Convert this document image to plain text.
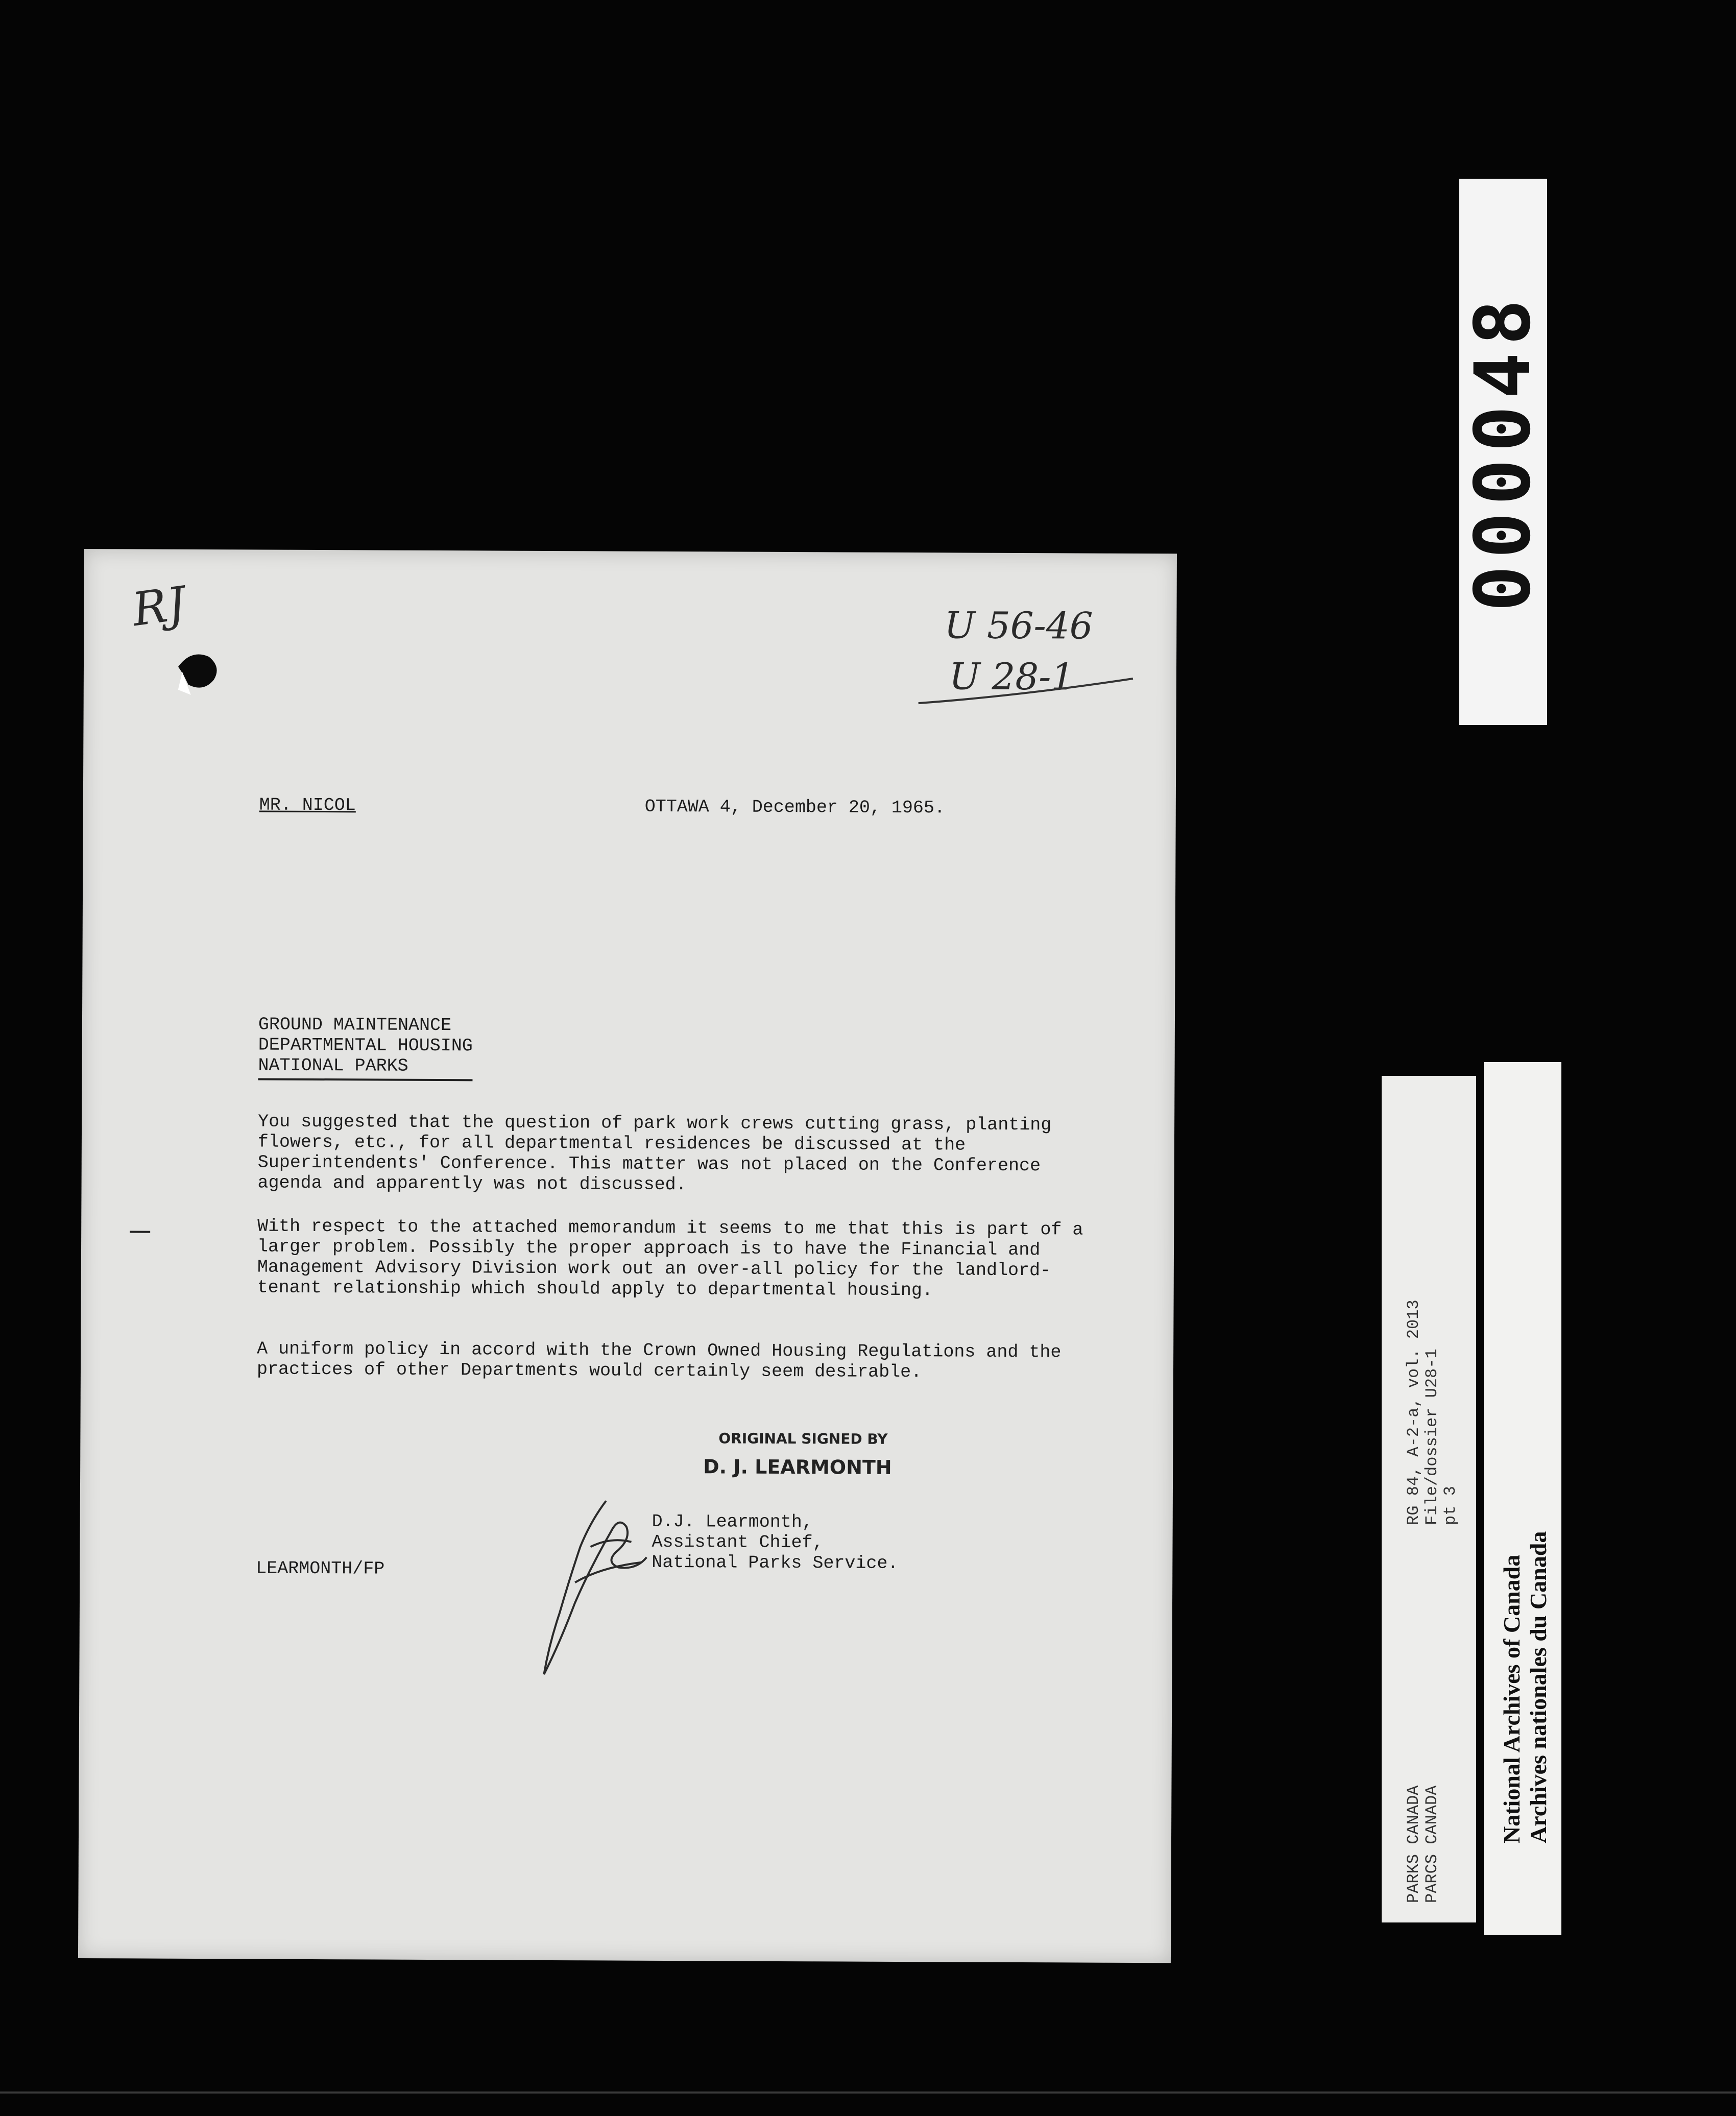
RJ	U 56-46
U 28-1
MR. NICOL	OTTAWA 4, December 20, 1965.
GROUND MAINTENANCE
DEPARTMENTAL HOUSING
NATIONAL PARKS
You suggested that the question of park work crews cutting grass, planting flowers, etc., for all departmental residences be discussed at the Superintendents' Conference. This matter was not placed on the Conference agenda and apparently was not discussed.
With respect to the attached memorandum it seems to me that this is part of a larger problem. Possibly the proper approach is to have the Financial and Management Advisory Division work out an over-all policy for the landlord-tenant relationship which should apply to departmental housing.
A uniform policy in accord with the Crown Owned Housing Regulations and the practices of other Departments would certainly seem desirable.
ORIGINAL SIGNED BY
D. J. LEARMONTH
D.J. Learmonth,
Assistant Chief,
National Parks Service.
LEARMONTH/FP
000048
RG 84, A-2-a, vol. 2013 File/dossier U28-1 pt 3
PARKS CANADA PARCS CANADA
National Archives of Canada Archives nationales du Canada
